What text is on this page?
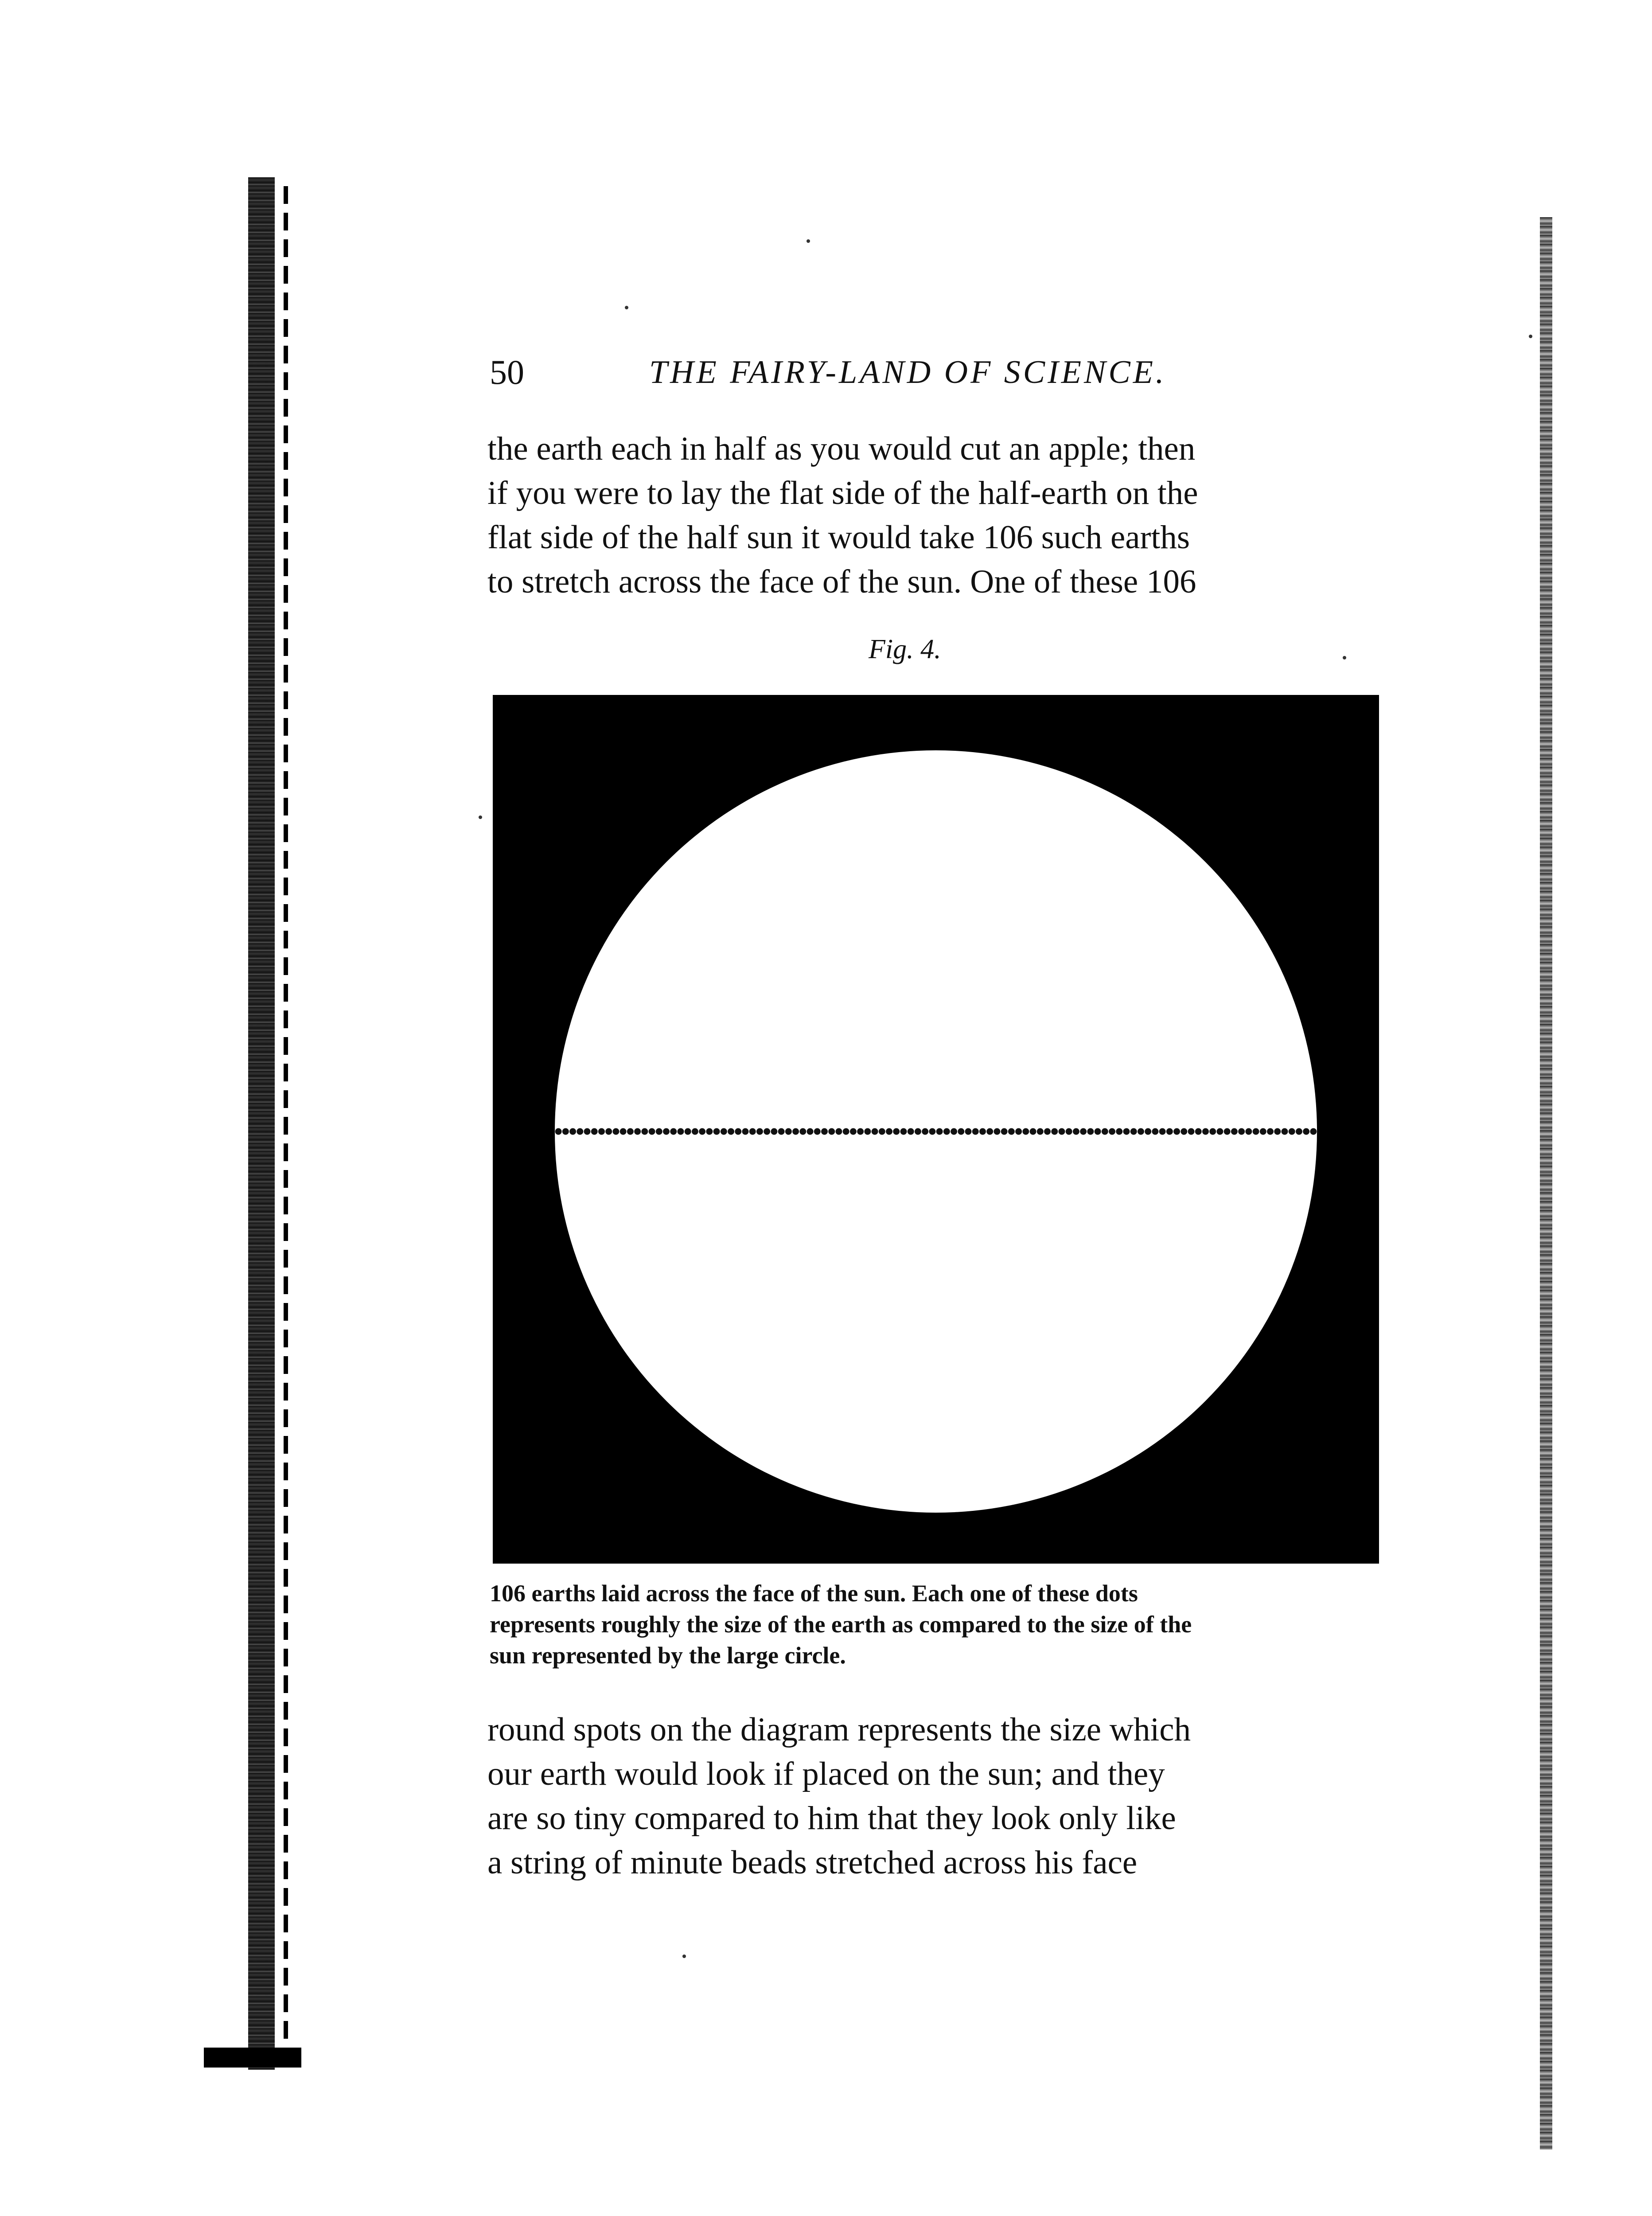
50	THE FAIRY-LAND OF SCIENCE.
the earth each in half as you would cut an apple; then
if you were to lay the flat side of the half-earth on the
flat side of the half sun it would take 106 such earths
to stretch across the face of the sun. One of these 106
Fig. 4.
106 earths laid across the face of the sun. Each one of these dots
represents roughly the size of the earth as compared to the size of the
sun represented by the large circle.
round spots on the diagram represents the size which
our earth would look if placed on the sun; and they
are so tiny compared to him that they look only like
a string of minute beads stretched across his face
